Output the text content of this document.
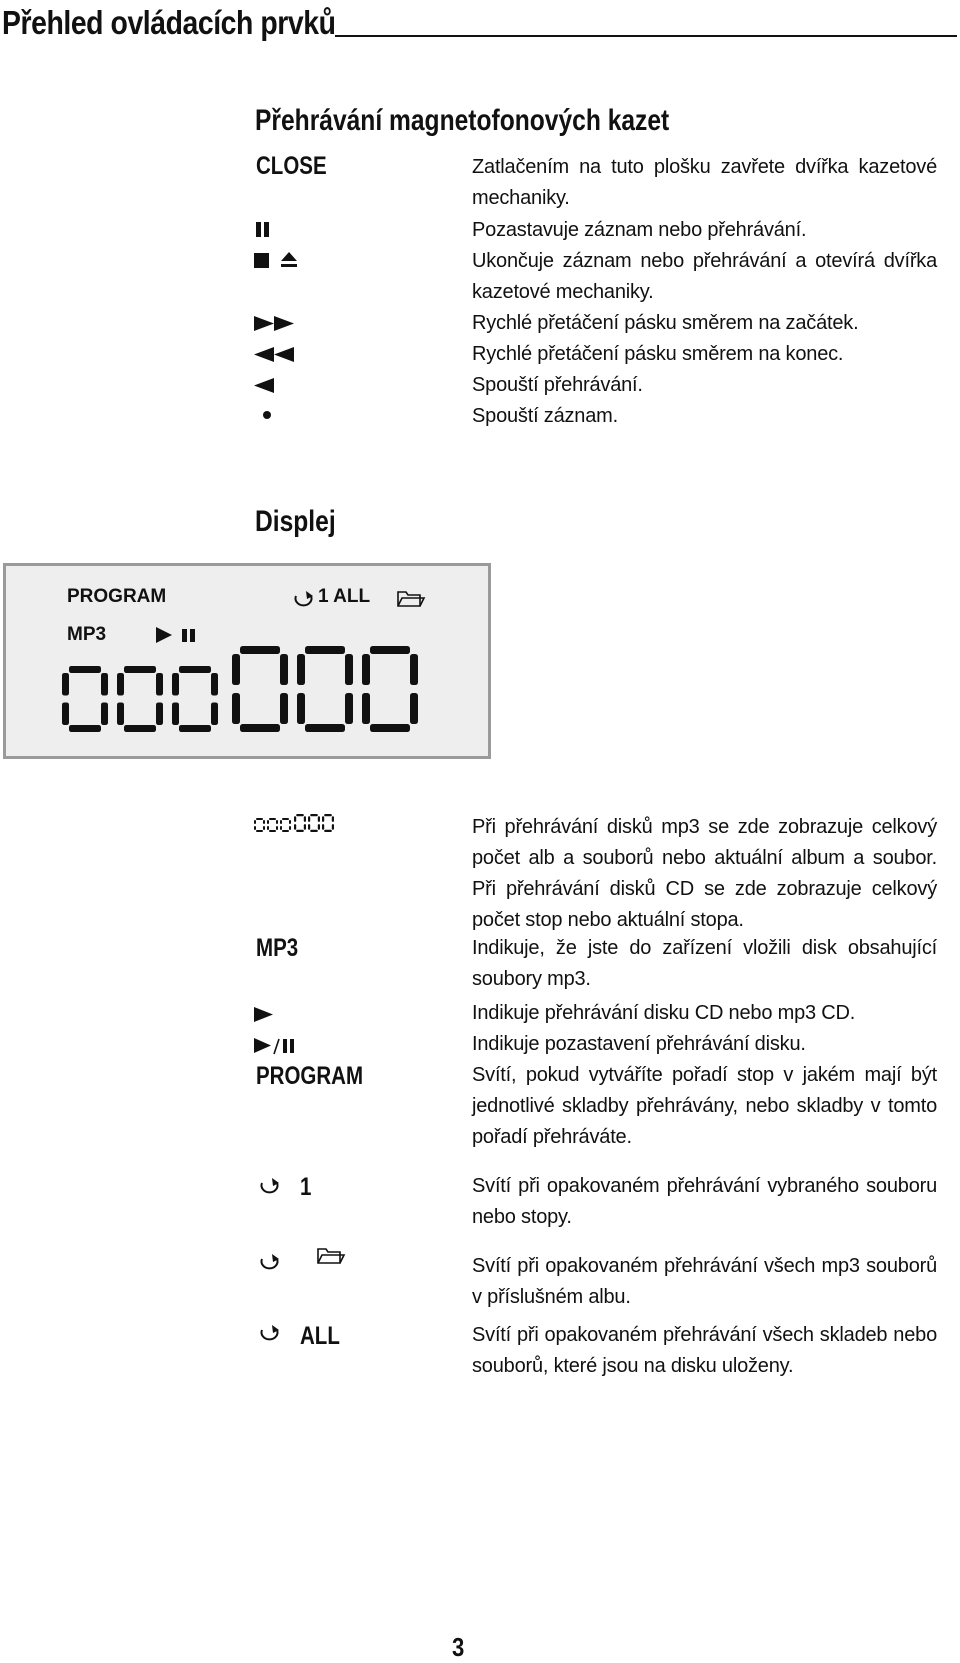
Přehled ovládacích prvků
Přehrávání magnetofonových kazet
CLOSE	Zatlačením na tuto plošku zavřete dvířka kazetové mechaniky.
Pozastavuje záznam nebo přehrávání.
Ukončuje záznam nebo přehrávání a otevírá dvířka kazetové mechaniky.
Rychlé přetáčení pásku směrem na začátek.
Rychlé přetáčení pásku směrem na konec.
Spouští přehrávání.
Spouští záznam.
Displej
PROGRAM	1 ALL
MP3
Při přehrávání disků mp3 se zde zobrazuje celkový počet alb a souborů nebo aktuální album a soubor. Při přehrávání disků CD se zde zobrazuje celkový počet stop nebo aktuální stopa.
MP3	Indikuje, že jste do zařízení vložili disk obsahující soubory mp3.
Indikuje přehrávání disku CD nebo mp3 CD.
Indikuje pozastavení přehrávání disku.
PROGRAM	Svítí, pokud vytváříte pořadí stop v jakém mají být jednotlivé skladby přehrávány, nebo skladby v tomto pořadí přehráváte.
1	Svítí při opakovaném přehrávání vybraného souboru nebo stopy.
Svítí při opakovaném přehrávání všech mp3 souborů v příslušném albu.
ALL	Svítí při opakovaném přehrávání všech skladeb nebo souborů, které jsou na disku uloženy.
3
